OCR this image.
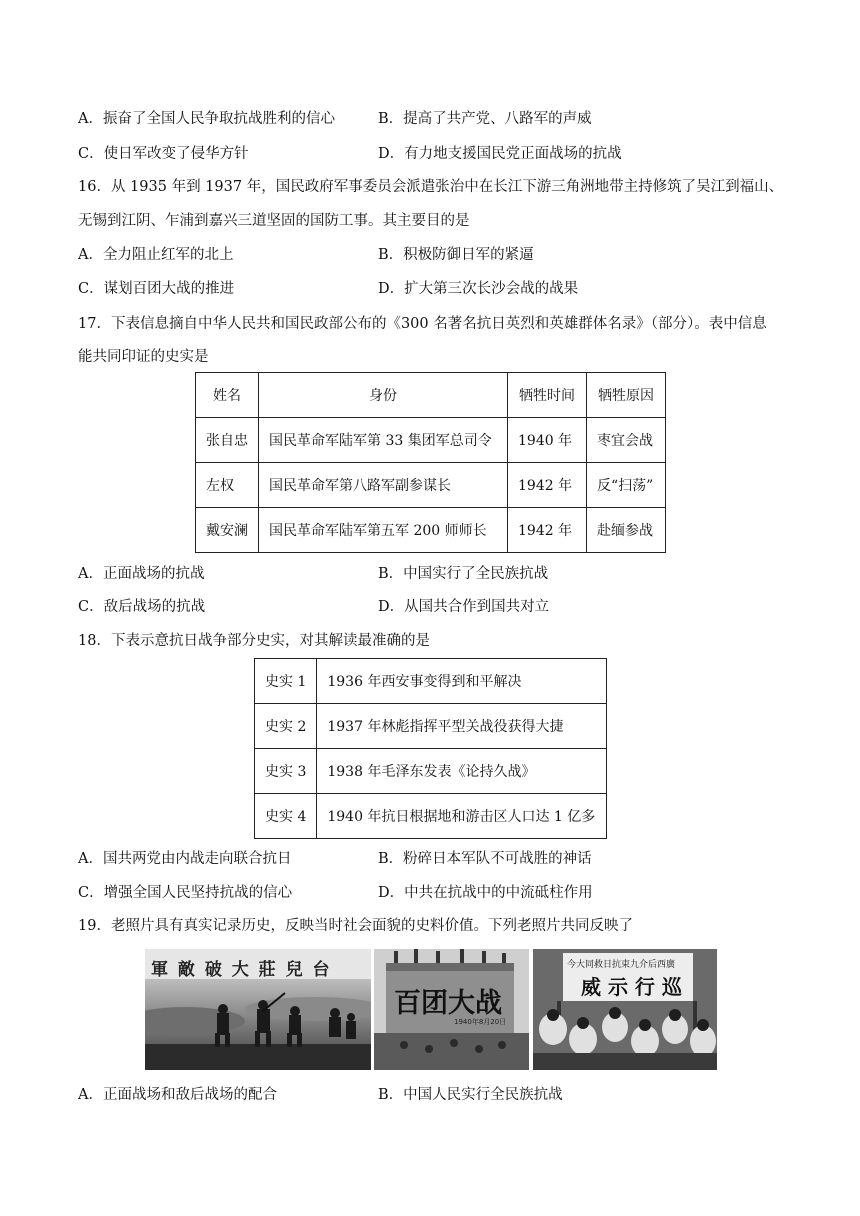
A．振奋了全国人民争取抗战胜利的信心	B．提高了共产党、八路军的声威
C．使日军改变了侵华方针	D．有力地支援国民党正面战场的抗战
16．从 1935 年到 1937 年，国民政府军事委员会派遣张治中在长江下游三角洲地带主持修筑了吴江到福山、
无锡到江阴、乍浦到嘉兴三道坚固的国防工事。其主要目的是
A．全力阻止红军的北上	B．积极防御日军的紧逼
C．谋划百团大战的推进	D．扩大第三次长沙会战的战果
17．下表信息摘自中华人民共和国民政部公布的《300 名著名抗日英烈和英雄群体名录》（部分）。表中信息
能共同印证的史实是
姓名	身份	牺牲时间	牺牲原因
张自忠	国民革命军陆军第 33 集团军总司令	1940 年	枣宜会战
左权	国民革命军第八路军副参谋长	1942 年	反“扫荡”
戴安澜	国民革命军陆军第五军 200 师师长	1942 年	赴缅参战
A．正面战场的抗战	B．中国实行了全民族抗战
C．敌后战场的抗战	D．从国共合作到国共对立
18．下表示意抗日战争部分史实，对其解读最准确的是
史实 1	1936 年西安事变得到和平解决
史实 2	1937 年林彪指挥平型关战役获得大捷
史实 3	1938 年毛泽东发表《论持久战》
史实 4	1940 年抗日根据地和游击区人口达 1 亿多
A．国共两党由内战走向联合抗日	B．粉碎日本军队不可战胜的神话
C．增强全国人民坚持抗战的信心	D．中共在抗战中的中流砥柱作用
19．老照片具有真实记录历史，反映当时社会面貌的史料价值。下列老照片共同反映了
軍 敵 破 大 莊 兒 台
百团大战
1940年8月20日
今大同救日抗束九介后西廣
威 示 行 巡
A．正面战场和敌后战场的配合	B．中国人民实行全民族抗战
